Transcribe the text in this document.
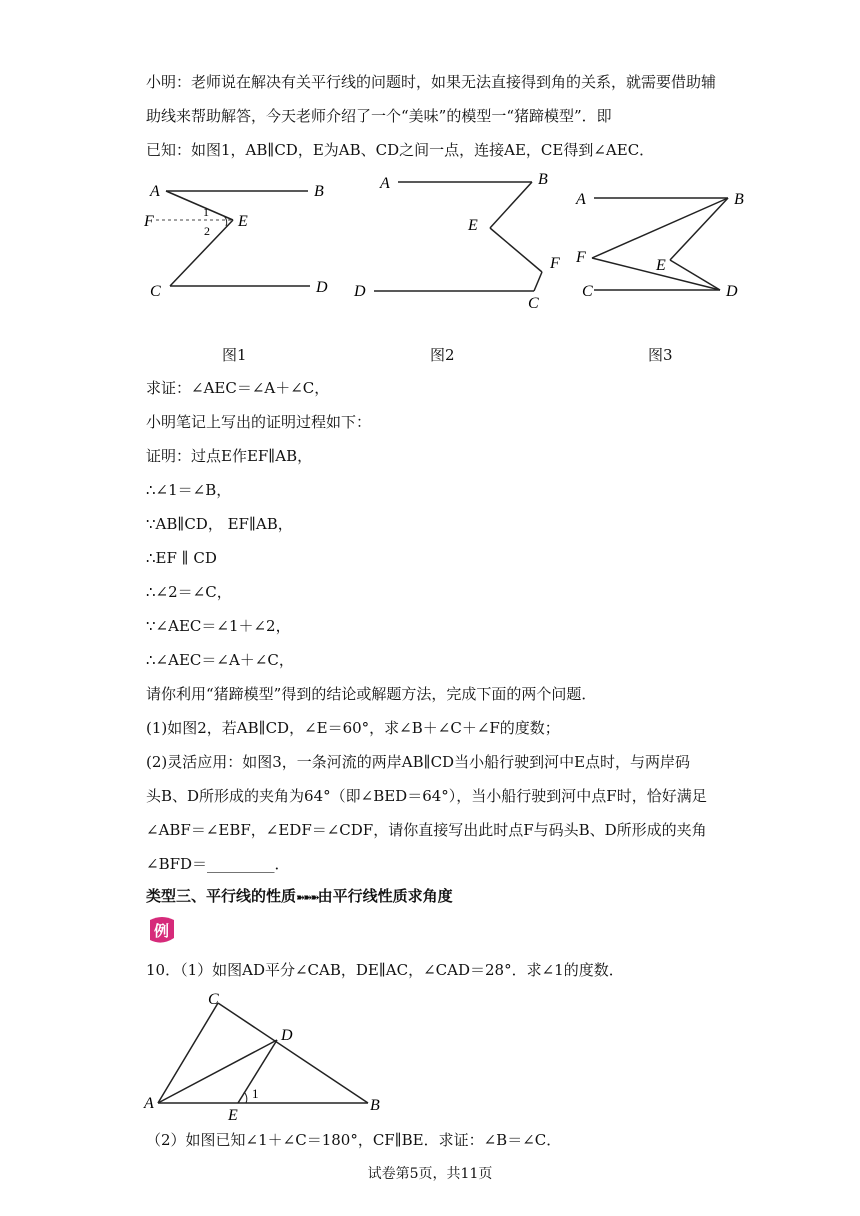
小明：老师说在解决有关平行线的问题时，如果无法直接得到角的关系，就需要借助辅
助线来帮助解答，今天老师介绍了一个“美味”的模型一“猪蹄模型”．即
已知：如图1，AB∥CD，E为AB、CD之间一点，连接AE，CE得到∠AEC．
A	B
F	E
C	D
1
2
图1
A	B
E
F
D
C
图2
A	B
F	E
C	D
图3
求证：∠AEC＝∠A＋∠C，
小明笔记上写出的证明过程如下：
证明：过点E作EF∥AB，
∴∠1＝∠B，
∵AB∥CD， EF∥AB，
∴EF ∥ CD
∴∠2＝∠C，
∵∠AEC＝∠1＋∠2，
∴∠AEC＝∠A＋∠C，
请你利用“猪蹄模型”得到的结论或解题方法，完成下面的两个问题．
(1)如图2，若AB∥CD，∠E＝60°，求∠B＋∠C＋∠F的度数；
(2)灵活应用：如图3，一条河流的两岸AB∥CD当小船行驶到河中E点时，与两岸码
头B、D所形成的夹角为64°（即∠BED＝64°），当小船行驶到河中点F时，恰好满足
∠ABF＝∠EBF，∠EDF＝∠CDF，请你直接写出此时点F与码头B、D所形成的夹角
∠BFD＝_________．
类型三、平行线的性质➽➽➽由平行线性质求角度
例
10．（1）如图AD平分∠CAB，DE∥AC，∠CAD＝28°．求∠1的度数．
C
D
A	B
E
1
（2）如图已知∠1＋∠C＝180°，CF∥BE．求证：∠B＝∠C．
试卷第5页，共11页
